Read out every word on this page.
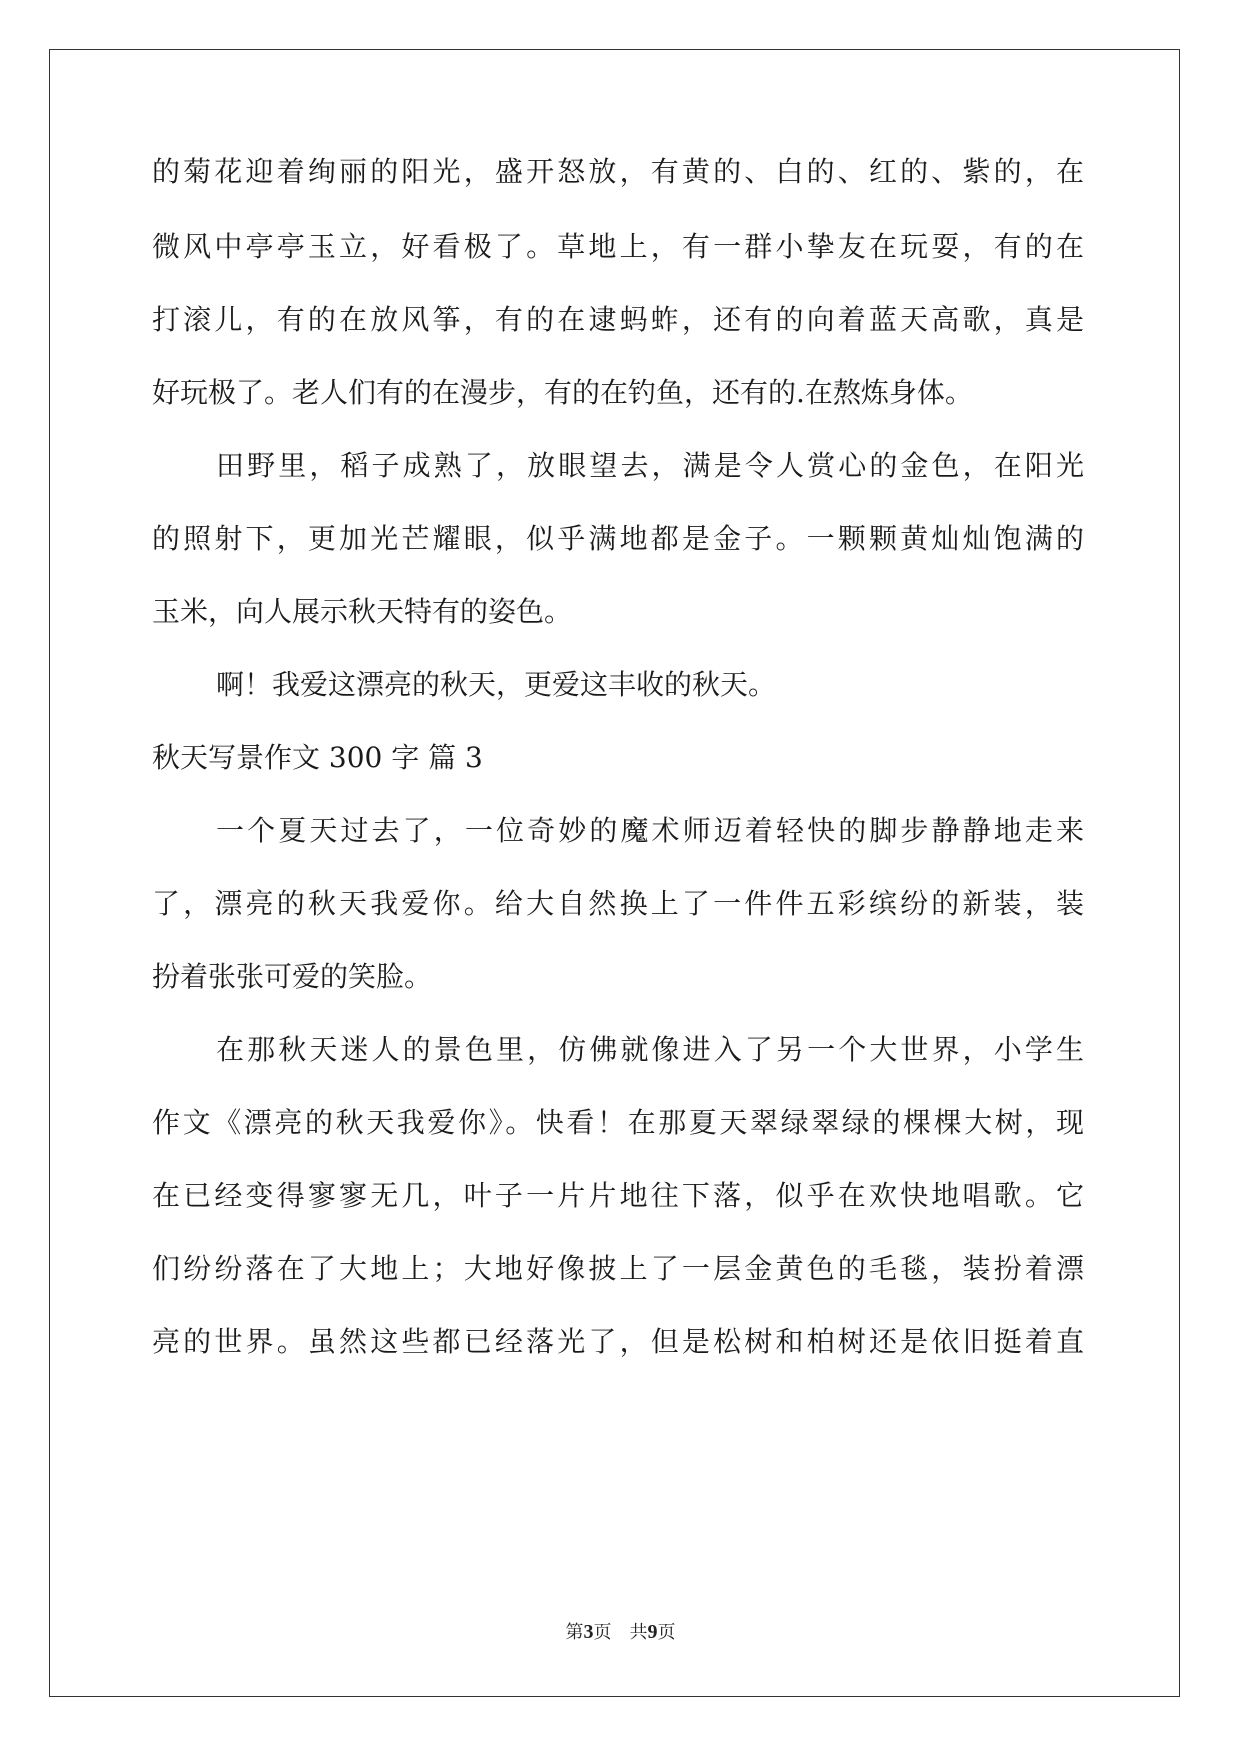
的菊花迎着绚丽的阳光，盛开怒放，有黄的、白的、红的、紫的，在
微风中亭亭玉立，好看极了。草地上，有一群小挚友在玩耍，有的在
打滚儿，有的在放风筝，有的在逮蚂蚱，还有的向着蓝天高歌，真是
好玩极了。老人们有的在漫步，有的在钓鱼，还有的.在熬炼身体。
田野里，稻子成熟了，放眼望去，满是令人赏心的金色，在阳光
的照射下，更加光芒耀眼，似乎满地都是金子。一颗颗黄灿灿饱满的
玉米，向人展示秋天特有的姿色。
啊！我爱这漂亮的秋天，更爱这丰收的秋天。
秋天写景作文 300 字 篇 3
一个夏天过去了，一位奇妙的魔术师迈着轻快的脚步静静地走来
了，漂亮的秋天我爱你。给大自然换上了一件件五彩缤纷的新装，装
扮着张张可爱的笑脸。
在那秋天迷人的景色里，仿佛就像进入了另一个大世界，小学生
作文《漂亮的秋天我爱你》。快看！在那夏天翠绿翠绿的棵棵大树，现
在已经变得寥寥无几，叶子一片片地往下落，似乎在欢快地唱歌。它
们纷纷落在了大地上；大地好像披上了一层金黄色的毛毯，装扮着漂
亮的世界。虽然这些都已经落光了，但是松树和柏树还是依旧挺着直
第3页 共9页
